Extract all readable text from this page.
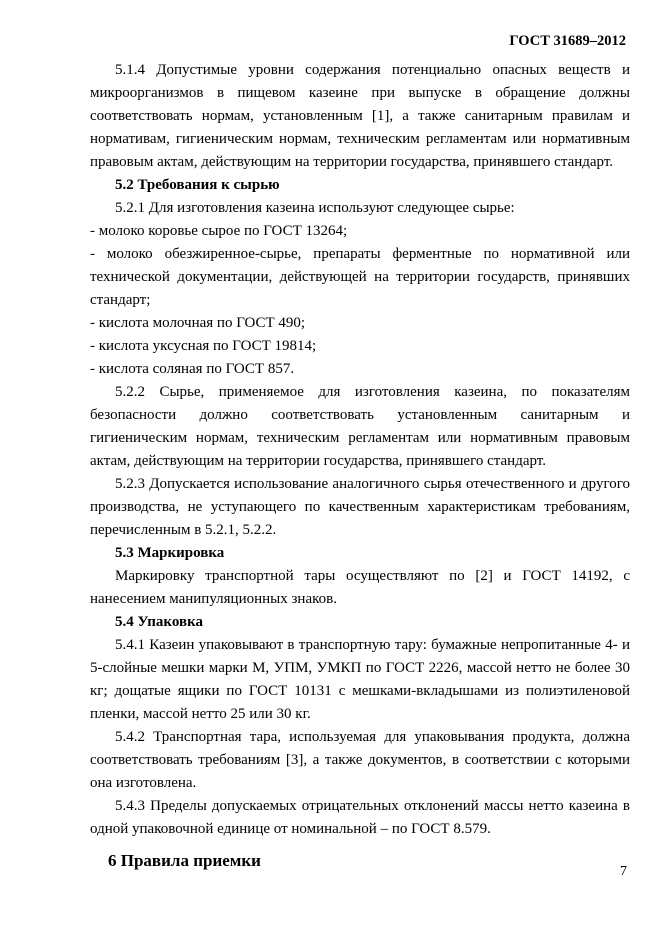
ГОСТ 31689–2012

5.1.4 Допустимые уровни содержания потенциально опасных веществ и микроорганизмов в пищевом казеине при выпуске в обращение должны соответствовать нормам, установленным [1], а также санитарным правилам и нормативам, гигиеническим нормам, техническим регламентам или нормативным правовым актам, действующим на территории государства, принявшего стандарт.

5.2 Требования к сырью

5.2.1 Для изготовления казеина используют следующее сырье:

- молоко коровье сырое по ГОСТ 13264;

- молоко обезжиренное-сырье, препараты ферментные по нормативной или технической документации, действующей на территории государств, принявших стандарт;

- кислота молочная по ГОСТ 490;

- кислота уксусная по ГОСТ 19814;

- кислота соляная по ГОСТ 857.

5.2.2 Сырье, применяемое для изготовления казеина, по показателям безопасности должно соответствовать установленным санитарным и гигиеническим нормам, техническим регламентам или нормативным правовым актам, действующим на территории государства, принявшего стандарт.

5.2.3 Допускается использование аналогичного сырья отечественного и другого производства, не уступающего по качественным характеристикам требованиям, перечисленным в 5.2.1, 5.2.2.

5.3 Маркировка

Маркировку транспортной тары осуществляют по [2] и ГОСТ 14192, с нанесением манипуляционных знаков.

5.4 Упаковка

5.4.1 Казеин упаковывают в транспортную тару: бумажные непропитанные 4- и 5-слойные мешки марки М, УПМ, УМКП по ГОСТ 2226, массой нетто не более 30 кг; дощатые ящики по ГОСТ 10131 с мешками-вкладышами из полиэтиленовой пленки, массой нетто 25 или 30 кг.

5.4.2 Транспортная тара, используемая для упаковывания продукта, должна соответствовать требованиям [3], а также документов, в соответствии с которыми она изготовлена.

5.4.3 Пределы допускаемых отрицательных отклонений массы нетто казеина в одной упаковочной единице от номинальной – по ГОСТ 8.579.

6 Правила приемки

7
